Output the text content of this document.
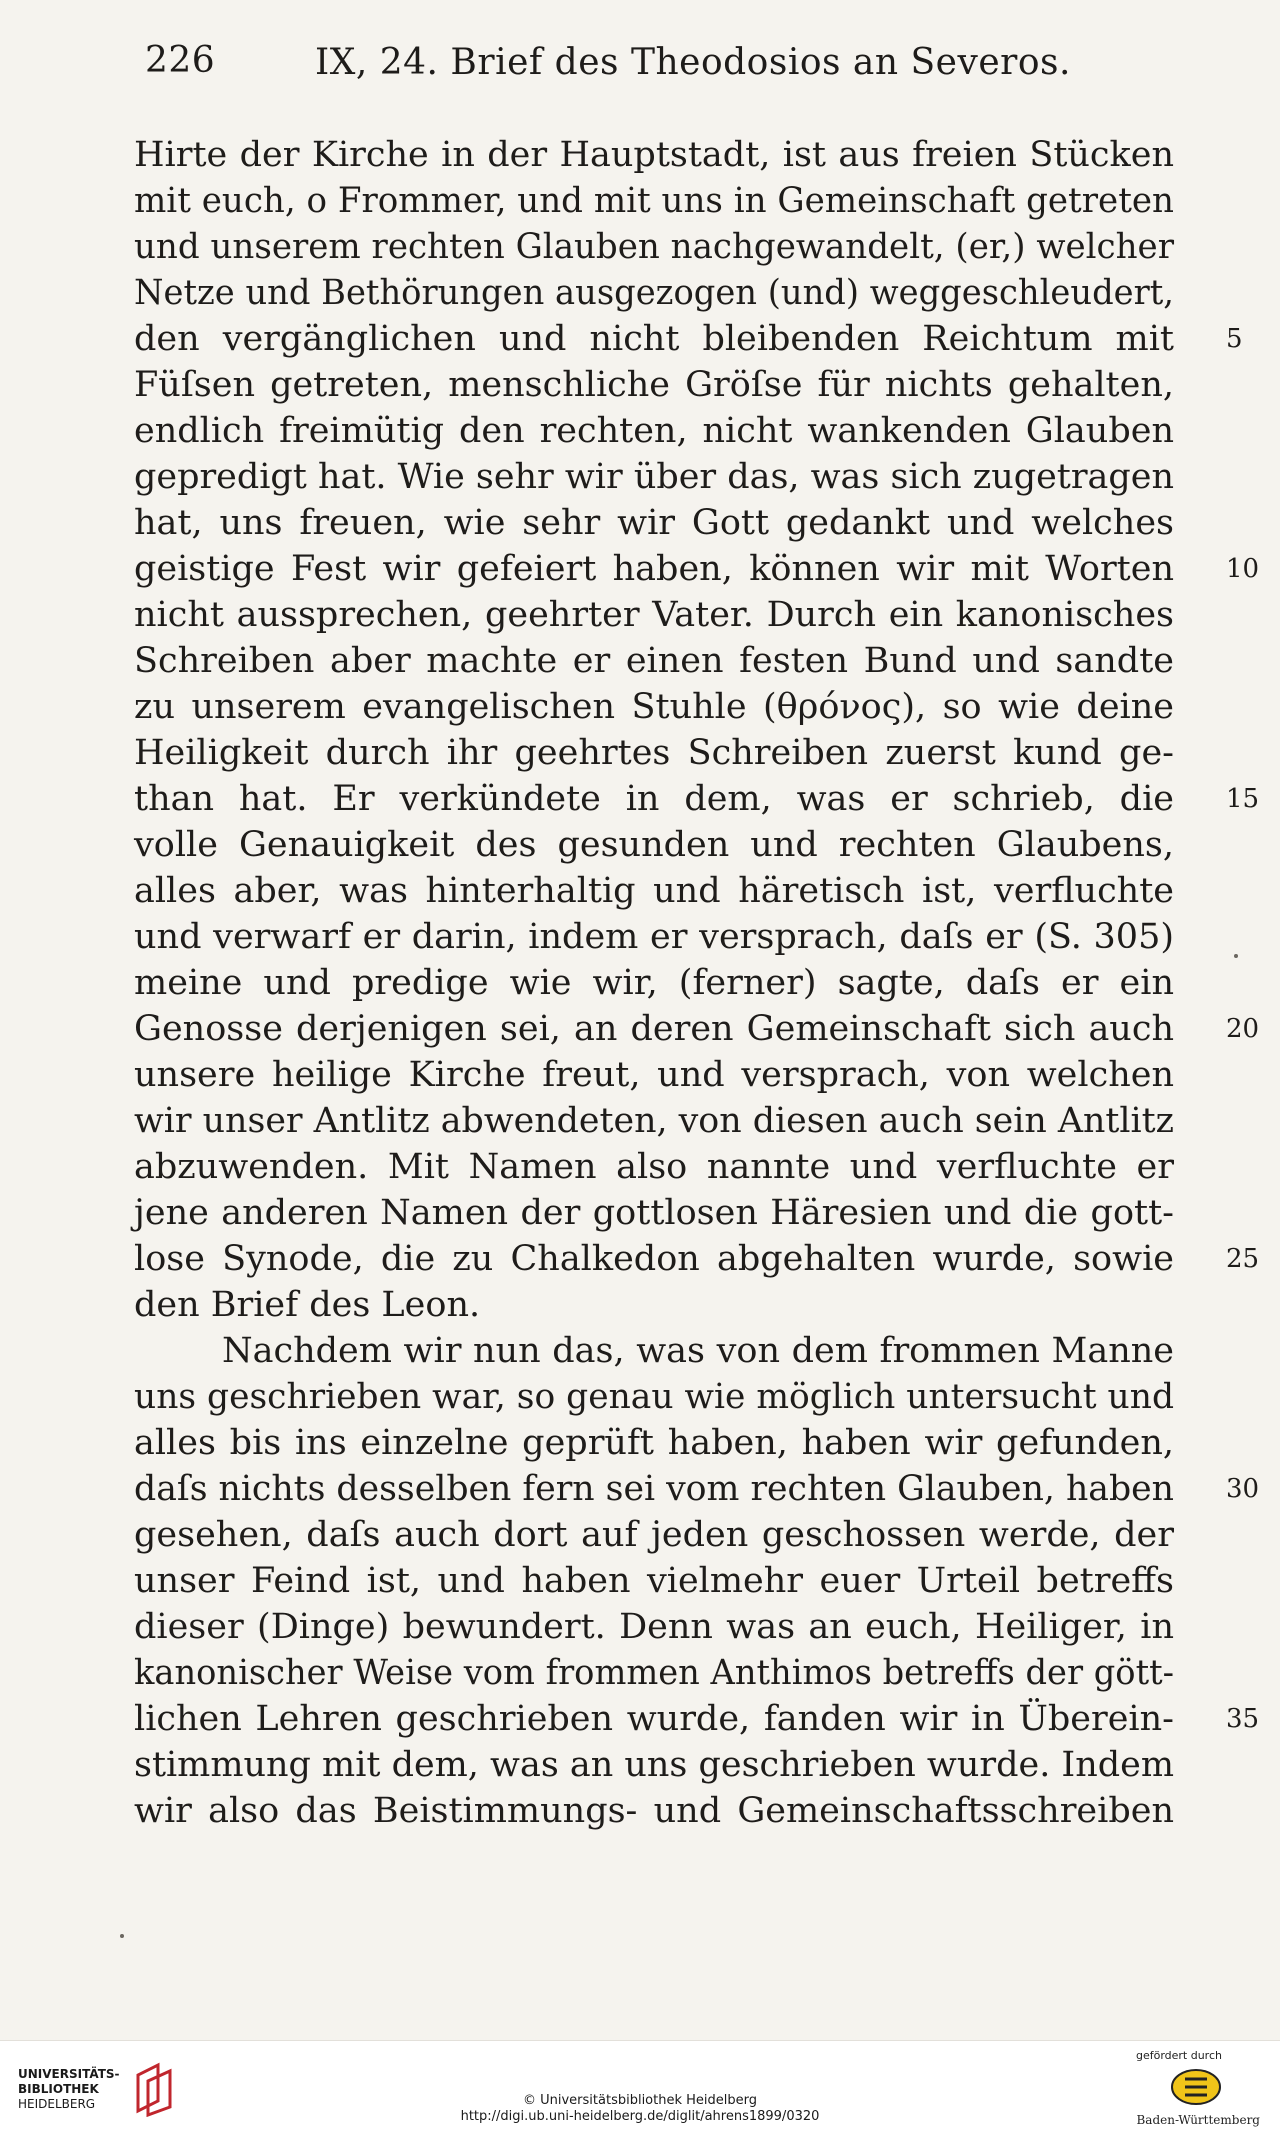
226	IX, 24. Brief des Theodosios an Severos.
Hirte der Kirche in der Hauptstadt, ist aus freien Stücken
mit euch, o Frommer, und mit uns in Gemeinschaft getreten
und unserem rechten Glauben nachgewandelt, (er,) welcher
Netze und Bethörungen ausgezogen (und) weggeschleudert,
den vergänglichen und nicht bleibenden Reichtum mit 5
Füſsen getreten, menschliche Gröſse für nichts gehalten,
endlich freimütig den rechten, nicht wankenden Glauben
gepredigt hat. Wie sehr wir über das, was sich zugetragen
hat, uns freuen, wie sehr wir Gott gedankt und welches
geistige Fest wir gefeiert haben, können wir mit Worten 10
nicht aussprechen, geehrter Vater. Durch ein kanonisches
Schreiben aber machte er einen festen Bund und sandte
zu unserem evangelischen Stuhle (θρόνος), so wie deine
Heiligkeit durch ihr geehrtes Schreiben zuerst kund ge-
than hat. Er verkündete in dem, was er schrieb, die 15
volle Genauigkeit des gesunden und rechten Glaubens,
alles aber, was hinterhaltig und häretisch ist, verfluchte
und verwarf er darin, indem er versprach, daſs er (S. 305)
meine und predige wie wir, (ferner) sagte, daſs er ein
Genosse derjenigen sei, an deren Gemeinschaft sich auch 20
unsere heilige Kirche freut, und versprach, von welchen
wir unser Antlitz abwendeten, von diesen auch sein Antlitz
abzuwenden. Mit Namen also nannte und verfluchte er
jene anderen Namen der gottlosen Häresien und die gott-
lose Synode, die zu Chalkedon abgehalten wurde, sowie 25
den Brief des Leon.
Nachdem wir nun das, was von dem frommen Manne
uns geschrieben war, so genau wie möglich untersucht und
alles bis ins einzelne geprüft haben, haben wir gefunden,
daſs nichts desselben fern sei vom rechten Glauben, haben 30
gesehen, daſs auch dort auf jeden geschossen werde, der
unser Feind ist, und haben vielmehr euer Urteil betreffs
dieser (Dinge) bewundert. Denn was an euch, Heiliger, in
kanonischer Weise vom frommen Anthimos betreffs der gött-
lichen Lehren geschrieben wurde, fanden wir in Überein- 35
stimmung mit dem, was an uns geschrieben wurde. Indem
wir also das Beistimmungs- und Gemeinschaftsschreiben
UNIVERSITÄTS-
BIBLIOTHEK
HEIDELBERG	© Universitätsbibliothek Heidelberg
http://digi.ub.uni-heidelberg.de/diglit/ahrens1899/0320
gefördert durch
Baden-Württemberg
